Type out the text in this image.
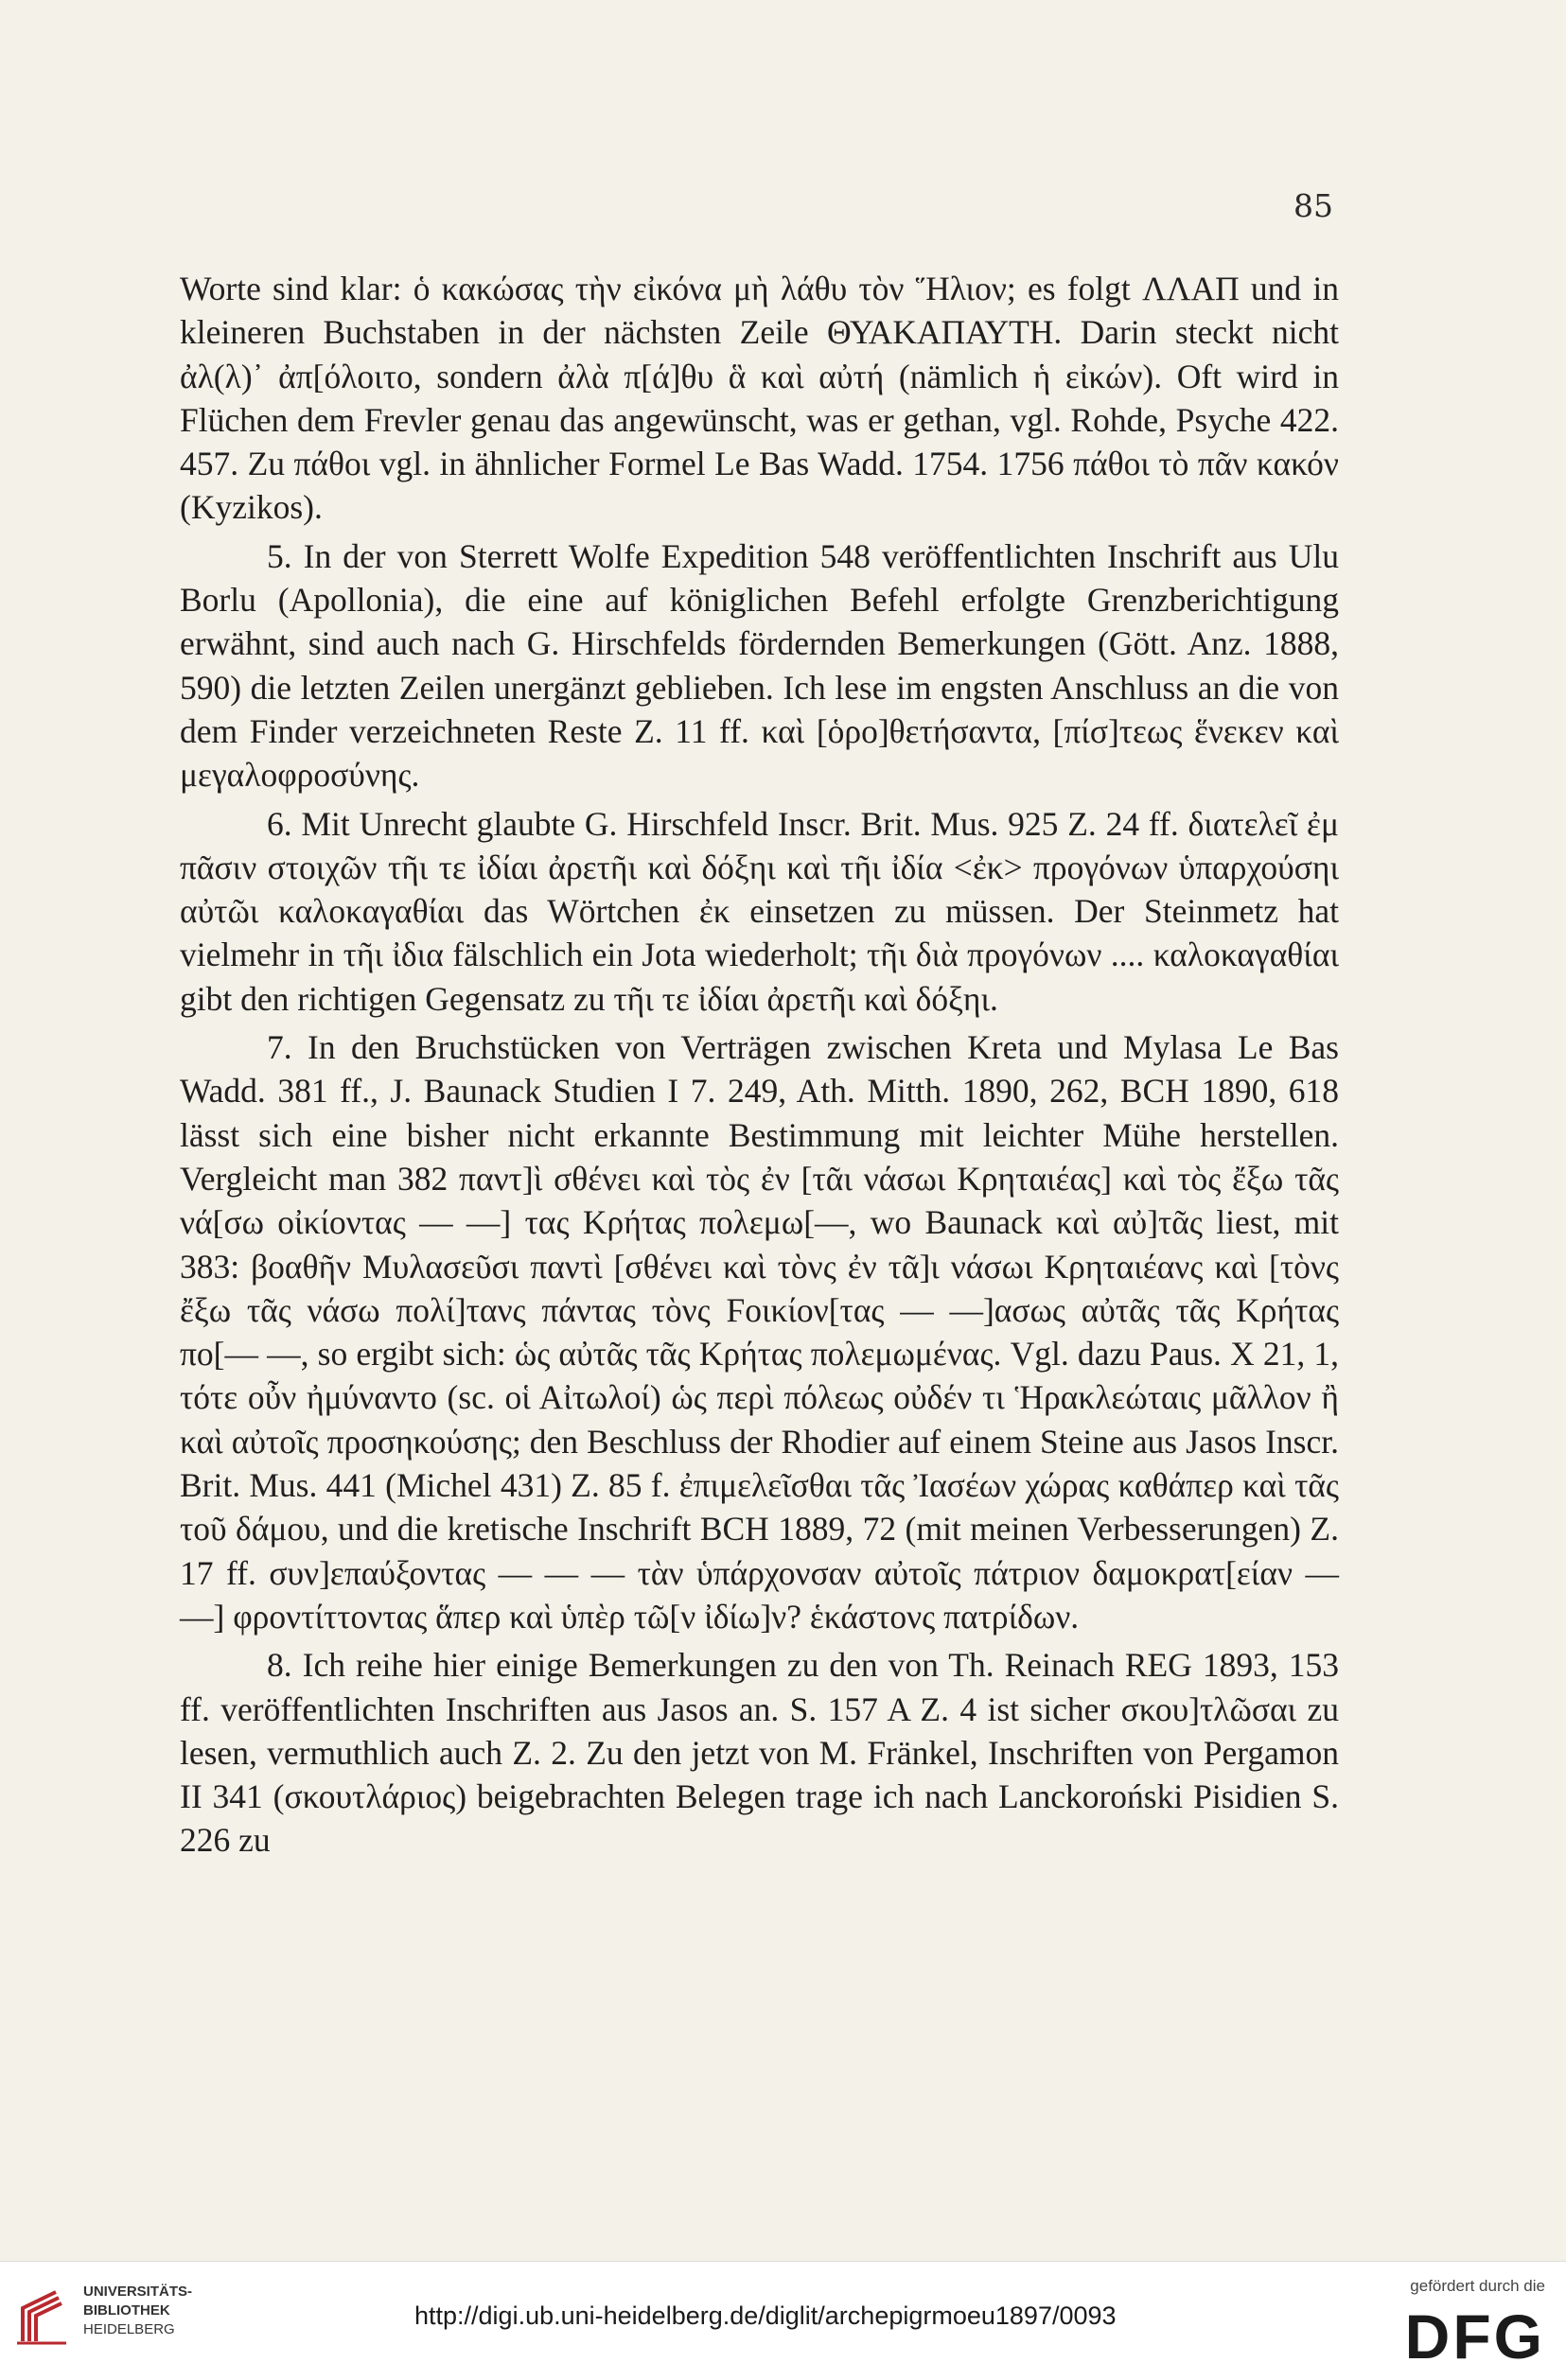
85

Worte sind klar: ὁ κακώσας τὴν εἰκόνα μὴ λάθυ τὸν Ἥλιον; es folgt ΛΛΑΠ und in kleineren Buchstaben in der nächsten Zeile ΘΥΑΚΑΠΑΥΤΗ. Darin steckt nicht ἀλ(λ)᾽ ἀπ[όλοιτο, sondern ἀλὰ π[ά]θυ ἃ καὶ αὐτή (nämlich ἡ εἰκών). Oft wird in Flüchen dem Frevler genau das angewünscht, was er gethan, vgl. Rohde, Psyche 422. 457. Zu πάθοι vgl. in ähnlicher Formel Le Bas Wadd. 1754. 1756 πάθοι τὸ πᾶν κακόν (Kyzikos).

5. In der von Sterrett Wolfe Expedition 548 veröffentlichten Inschrift aus Ulu Borlu (Apollonia), die eine auf königlichen Befehl erfolgte Grenzberichtigung erwähnt, sind auch nach G. Hirschfelds fördernden Bemerkungen (Gött. Anz. 1888, 590) die letzten Zeilen unergänzt geblieben. Ich lese im engsten Anschluss an die von dem Finder verzeichneten Reste Z. 11 ff. καὶ [ὁρο]θετήσαντα, [πίσ]τεως ἕνεκεν καὶ μεγαλοφροσύνης.

6. Mit Unrecht glaubte G. Hirschfeld Inscr. Brit. Mus. 925 Z. 24 ff. διατελεῖ ἐμ πᾶσιν στοιχῶν τῆι τε ἰδίαι ἀρετῆι καὶ δόξηι καὶ τῆι ἰδία <ἐκ> προγόνων ὑπαρχούσηι αὐτῶι καλοκαγαθίαι das Wörtchen ἐκ einsetzen zu müssen. Der Steinmetz hat vielmehr in τῆι ἰδια fälschlich ein Jota wiederholt; τῆι διὰ προγόνων .... καλοκαγαθίαι gibt den richtigen Gegensatz zu τῆι τε ἰδίαι ἀρετῆι καὶ δόξηι.

7. In den Bruchstücken von Verträgen zwischen Kreta und Mylasa Le Bas Wadd. 381 ff., J. Baunack Studien I 7. 249, Ath. Mitth. 1890, 262, BCH 1890, 618 lässt sich eine bisher nicht erkannte Bestimmung mit leichter Mühe herstellen. Vergleicht man 382 παντ]ὶ σθένει καὶ τὸς ἐν [τᾶι νάσωι Κρηταιέας] καὶ τὸς ἔξω τᾶς νά[σω οἰκίοντας — —] τας Κρήτας πολεμω[—, wo Baunack καὶ αὐ]τᾶς liest, mit 383: βοαθῆν Μυλασεῦσι παντὶ [σθένει καὶ τὸνς ἐν τᾶ]ι νάσωι Κρηταιέανς καὶ [τὸνς ἔξω τᾶς νάσω πολί]τανς πάντας τὸνς Ϝοικίον[τας — —]ασως αὐτᾶς τᾶς Κρήτας πο[— —, so ergibt sich: ὡς αὐτᾶς τᾶς Κρήτας πολεμωμένας. Vgl. dazu Paus. X 21, 1, τότε οὖν ἠμύναντο (sc. οἱ Αἰτωλοί) ὡς περὶ πόλεως οὐδέν τι Ἡρακλεώταις μᾶλλον ἢ καὶ αὐτοῖς προσηκούσης; den Beschluss der Rhodier auf einem Steine aus Jasos Inscr. Brit. Mus. 441 (Michel 431) Z. 85 f. ἐπιμελεῖσθαι τᾶς Ἰασέων χώρας καθάπερ καὶ τᾶς τοῦ δάμου, und die kretische Inschrift BCH 1889, 72 (mit meinen Verbesserungen) Z. 17 ff. συν]επαύξοντας — — — τὰν ὑπάρχονσαν αὐτοῖς πάτριον δαμοκρατ[είαν — —] φροντίττοντας ἅπερ καὶ ὑπὲρ τῶ[ν ἰδίω]ν? ἑκάστονς πατρίδων.

8. Ich reihe hier einige Bemerkungen zu den von Th. Reinach REG 1893, 153 ff. veröffentlichten Inschriften aus Jasos an. S. 157 A Z. 4 ist sicher σκου]τλῶσαι zu lesen, vermuthlich auch Z. 2. Zu den jetzt von M. Fränkel, Inschriften von Pergamon II 341 (σκουτλάριος) beigebrachten Belegen trage ich nach Lanckoroński Pisidien S. 226 zu

UNIVERSITÄTS-
BIBLIOTHEK
HEIDELBERG	http://digi.ub.uni-heidelberg.de/diglit/archepigrmoeu1897/0093
gefördert durch die
DFG
